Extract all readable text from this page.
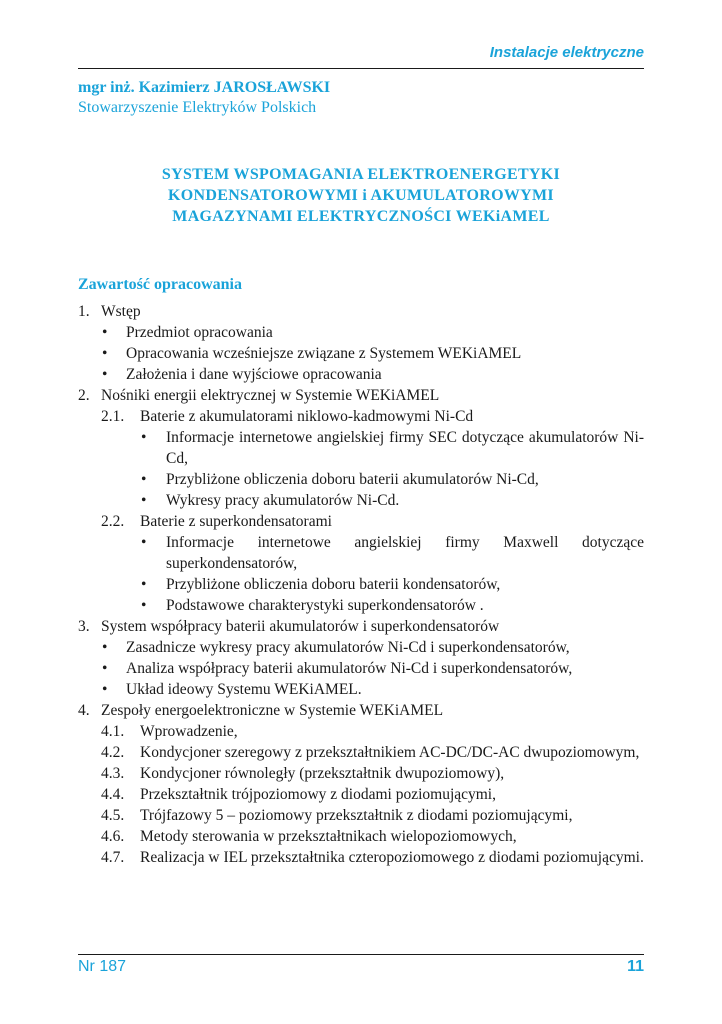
Instalacje elektryczne
mgr inż. Kazimierz JAROSŁAWSKI
Stowarzyszenie Elektryków Polskich
SYSTEM WSPOMAGANIA ELEKTROENERGETYKI
KONDENSATOROWYMI i AKUMULATOROWYMI
MAGAZYNAMI ELEKTRYCZNOŚCI WEKiAMEL
Zawartość opracowania
1. Wstęp
• Przedmiot opracowania
• Opracowania wcześniejsze związane z Systemem WEKiAMEL
• Założenia i dane wyjściowe opracowania
2. Nośniki energii elektrycznej w Systemie WEKiAMEL
2.1. Baterie z akumulatorami niklowo-kadmowymi Ni-Cd
• Informacje internetowe angielskiej firmy SEC dotyczące akumulatorów Ni-Cd,
• Przybliżone obliczenia doboru baterii akumulatorów Ni-Cd,
• Wykresy pracy akumulatorów Ni-Cd.
2.2. Baterie z superkondensatorami
• Informacje internetowe angielskiej firmy Maxwell dotyczące superkondensatorów,
• Przybliżone obliczenia doboru baterii kondensatorów,
• Podstawowe charakterystyki superkondensatorów .
3. System współpracy baterii akumulatorów i superkondensatorów
• Zasadnicze wykresy pracy akumulatorów Ni-Cd i superkondensatorów,
• Analiza współpracy baterii akumulatorów Ni-Cd i superkondensatorów,
• Układ ideowy Systemu WEKiAMEL.
4. Zespoły energoelektroniczne w Systemie WEKiAMEL
4.1. Wprowadzenie,
4.2. Kondycjoner szeregowy z przekształtnikiem AC-DC/DC-AC dwupoziomowym,
4.3. Kondycjoner równoległy (przekształtnik dwupoziomowy),
4.4. Przekształtnik trójpoziomowy z diodami poziomującymi,
4.5. Trójfazowy 5 – poziomowy przekształtnik z diodami poziomującymi,
4.6. Metody sterowania w przekształtnikach wielopoziomowych,
4.7. Realizacja w IEL przekształtnika czteropoziomowego z diodami poziomującymi.
Nr 187	11
